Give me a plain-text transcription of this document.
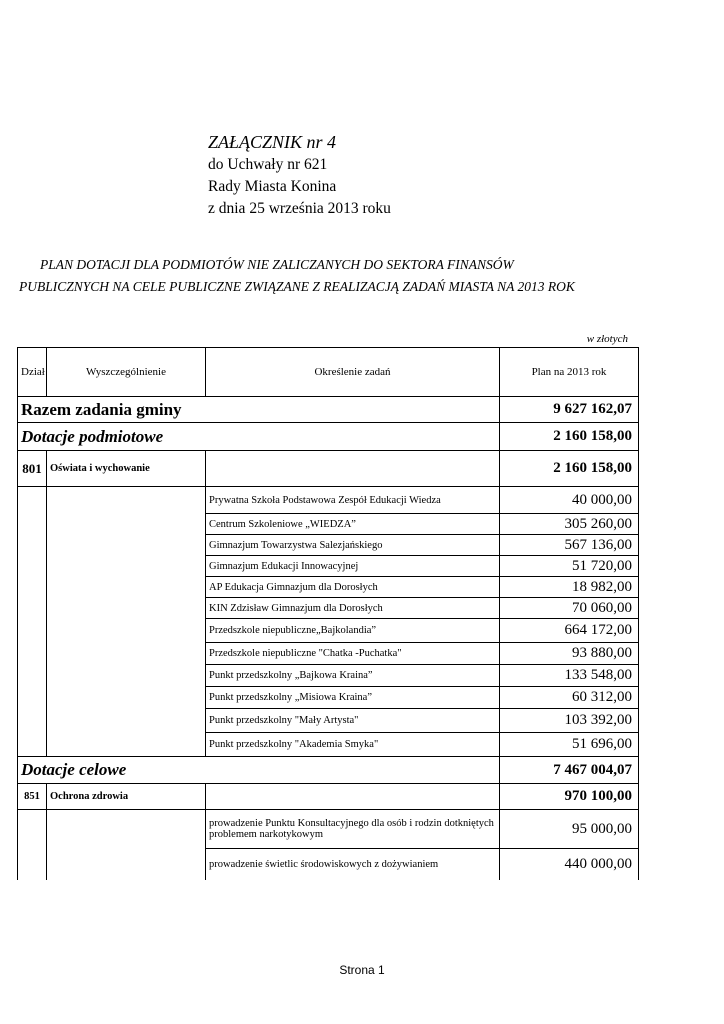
ZAŁĄCZNIK nr 4
do Uchwały nr 621
Rady Miasta Konina
z dnia 25 września 2013 roku
PLAN DOTACJI DLA PODMIOTÓW NIE ZALICZANYCH DO SEKTORA FINANSÓW
PUBLICZNYCH NA CELE PUBLICZNE ZWIĄZANE Z REALIZACJĄ ZADAŃ MIASTA NA 2013 ROK
w złotych
Dział	Wyszczególnienie	Określenie zadań	Plan na 2013 rok
Razem zadania gminy			9 627 162,07
Dotacje podmiotowe			2 160 158,00
801	Oświata i wychowanie		2 160 158,00
		Prywatna Szkoła Podstawowa Zespół Edukacji Wiedza	40 000,00
		Centrum Szkoleniowe „WIEDZA”	305 260,00
		Gimnazjum Towarzystwa Salezjańskiego	567 136,00
		Gimnazjum Edukacji Innowacyjnej	51 720,00
		AP Edukacja Gimnazjum dla Dorosłych	18 982,00
		KIN Zdzisław Gimnazjum dla Dorosłych	70 060,00
		Przedszkole niepubliczne„Bajkolandia”	664 172,00
		Przedszkole niepubliczne "Chatka -Puchatka"	93 880,00
		Punkt przedszkolny „Bajkowa Kraina”	133 548,00
		Punkt przedszkolny „Misiowa Kraina”	60 312,00
		Punkt przedszkolny "Mały Artysta"	103 392,00
		Punkt przedszkolny "Akademia Smyka"	51 696,00
Dotacje celowe			7 467 004,07
851	Ochrona zdrowia		970 100,00
		prowadzenie Punktu Konsultacyjnego dla osób i rodzin dotkniętych problemem narkotykowym	95 000,00
		prowadzenie świetlic środowiskowych z dożywianiem	440 000,00
Strona 1
